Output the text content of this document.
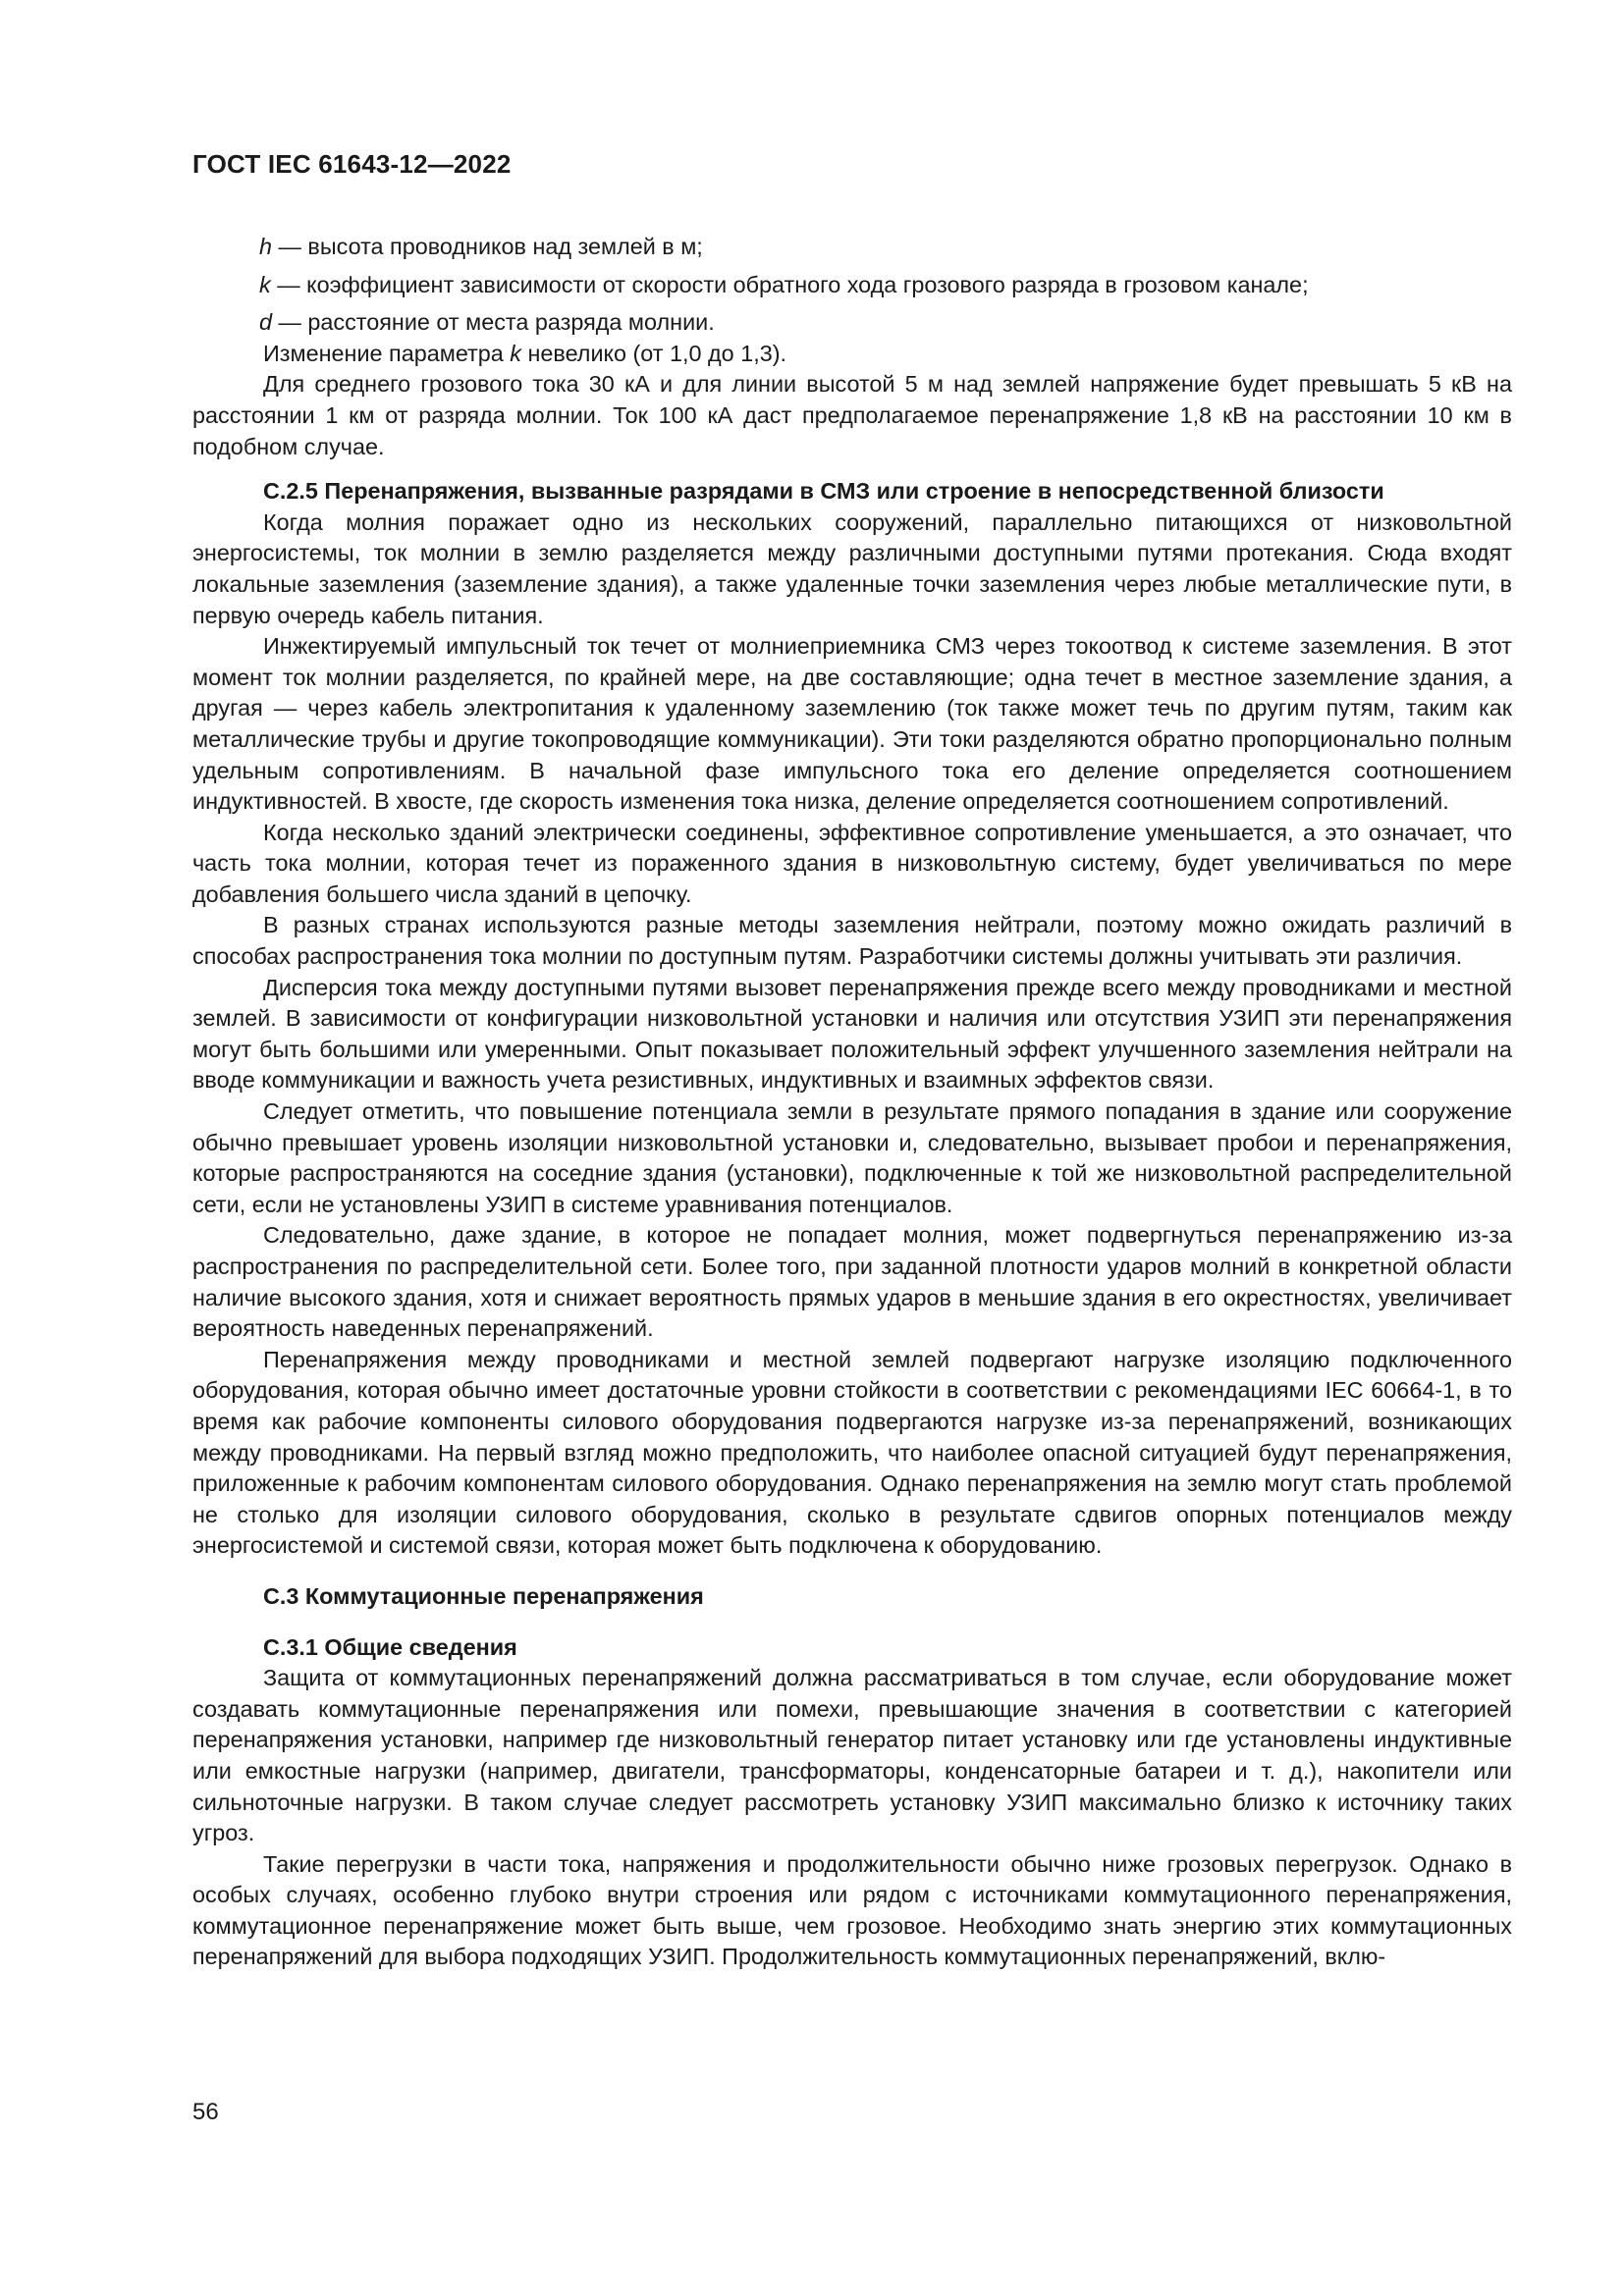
ГОСТ IEC 61643-12—2022

h — высота проводников над землей в м;

k — коэффициент зависимости от скорости обратного хода грозового разряда в грозовом канале;

d — расстояние от места разряда молнии.

Изменение параметра k невелико (от 1,0 до 1,3).

Для среднего грозового тока 30 кА и для линии высотой 5 м над землей напряжение будет превышать 5 кВ на расстоянии 1 км от разряда молнии. Ток 100 кА даст предполагаемое перенапряжение 1,8 кВ на расстоянии 10 км в подобном случае.

С.2.5 Перенапряжения, вызванные разрядами в СМЗ или строение в непосредственной близости

Когда молния поражает одно из нескольких сооружений, параллельно питающихся от низковольтной энергосистемы, ток молнии в землю разделяется между различными доступными путями протекания. Сюда входят локальные заземления (заземление здания), а также удаленные точки заземления через любые металлические пути, в первую очередь кабель питания.

Инжектируемый импульсный ток течет от молниеприемника СМЗ через токоотвод к системе заземления. В этот момент ток молнии разделяется, по крайней мере, на две составляющие; одна течет в местное заземление здания, а другая — через кабель электропитания к удаленному заземлению (ток также может течь по другим путям, таким как металлические трубы и другие токопроводящие коммуникации). Эти токи разделяются обратно пропорционально полным удельным сопротивлениям. В начальной фазе импульсного тока его деление определяется соотношением индуктивностей. В хвосте, где скорость изменения тока низка, деление определяется соотношением сопротивлений.

Когда несколько зданий электрически соединены, эффективное сопротивление уменьшается, а это означает, что часть тока молнии, которая течет из пораженного здания в низковольтную систему, будет увеличиваться по мере добавления большего числа зданий в цепочку.

В разных странах используются разные методы заземления нейтрали, поэтому можно ожидать различий в способах распространения тока молнии по доступным путям. Разработчики системы должны учитывать эти различия.

Дисперсия тока между доступными путями вызовет перенапряжения прежде всего между проводниками и местной землей. В зависимости от конфигурации низковольтной установки и наличия или отсутствия УЗИП эти перенапряжения могут быть большими или умеренными. Опыт показывает положительный эффект улучшенного заземления нейтрали на вводе коммуникации и важность учета резистивных, индуктивных и взаимных эффектов связи.

Следует отметить, что повышение потенциала земли в результате прямого попадания в здание или сооружение обычно превышает уровень изоляции низковольтной установки и, следовательно, вызывает пробои и перенапряжения, которые распространяются на соседние здания (установки), подключенные к той же низковольтной распределительной сети, если не установлены УЗИП в системе уравнивания потенциалов.

Следовательно, даже здание, в которое не попадает молния, может подвергнуться перенапряжению из-за распространения по распределительной сети. Более того, при заданной плотности ударов молний в конкретной области наличие высокого здания, хотя и снижает вероятность прямых ударов в меньшие здания в его окрестностях, увеличивает вероятность наведенных перенапряжений.

Перенапряжения между проводниками и местной землей подвергают нагрузке изоляцию подключенного оборудования, которая обычно имеет достаточные уровни стойкости в соответствии с рекомендациями IEC 60664-1, в то время как рабочие компоненты силового оборудования подвергаются нагрузке из-за перенапряжений, возникающих между проводниками. На первый взгляд можно предположить, что наиболее опасной ситуацией будут перенапряжения, приложенные к рабочим компонентам силового оборудования. Однако перенапряжения на землю могут стать проблемой не столько для изоляции силового оборудования, сколько в результате сдвигов опорных потенциалов между энергосистемой и системой связи, которая может быть подключена к оборудованию.

С.3 Коммутационные перенапряжения

С.3.1 Общие сведения

Защита от коммутационных перенапряжений должна рассматриваться в том случае, если оборудование может создавать коммутационные перенапряжения или помехи, превышающие значения в соответствии с категорией перенапряжения установки, например где низковольтный генератор питает установку или где установлены индуктивные или емкостные нагрузки (например, двигатели, трансформаторы, конденсаторные батареи и т. д.), накопители или сильноточные нагрузки. В таком случае следует рассмотреть установку УЗИП максимально близко к источнику таких угроз.

Такие перегрузки в части тока, напряжения и продолжительности обычно ниже грозовых перегрузок. Однако в особых случаях, особенно глубоко внутри строения или рядом с источниками коммутационного перенапряжения, коммутационное перенапряжение может быть выше, чем грозовое. Необходимо знать энергию этих коммутационных перенапряжений для выбора подходящих УЗИП. Продолжительность коммутационных перенапряжений, вклю-

56
